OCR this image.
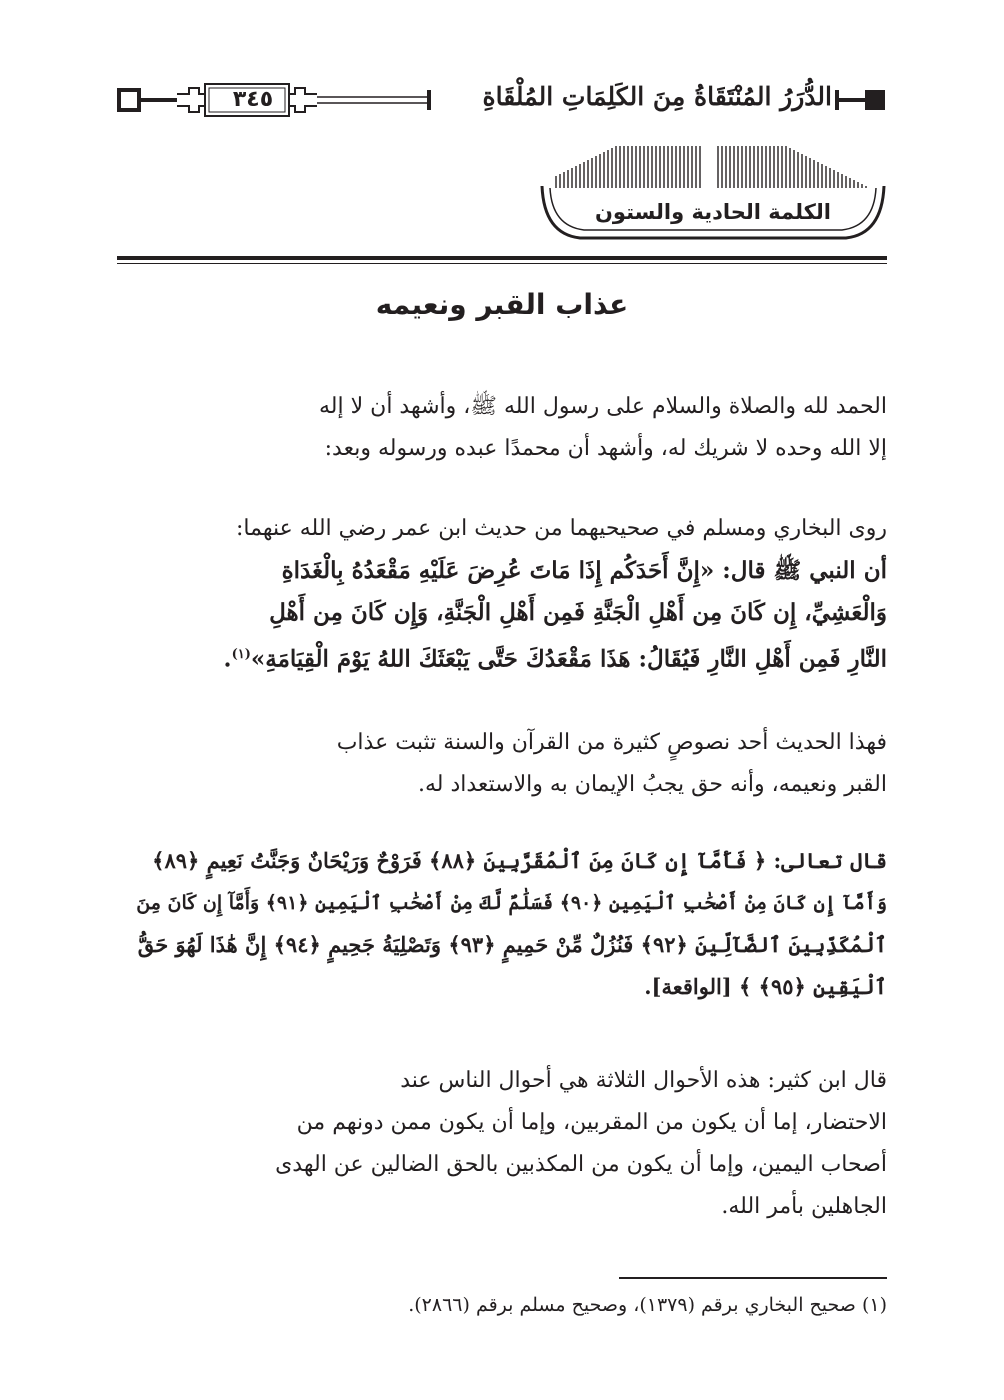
الدُّرَرُ المُنْتَقَاةُ مِنَ الكَلِمَاتِ المُلْقَاةِ
٣٤٥
الكلمة الحادية والستون
عذاب القبر ونعيمه
الحمد لله والصلاة والسلام على رسول الله ﷺ، وأشهد أن لا إله
إلا الله وحده لا شريك له، وأشهد أن محمدًا عبده ورسوله وبعد:
روى البخاري ومسلم في صحيحيهما من حديث ابن عمر رضي الله عنهما:
أن النبي ﷺ قال: «إِنَّ أَحَدَكُم إِذَا مَاتَ عُرِضَ عَلَيْهِ مَقْعَدُهُ بِالْغَدَاةِ
وَالْعَشِيِّ، إِن كَانَ مِن أَهْلِ الْجَنَّةِ فَمِن أَهْلِ الْجَنَّةِ، وَإِن كَانَ مِن أَهْلِ
النَّارِ فَمِن أَهْلِ النَّارِ فَيُقَالُ: هَذَا مَقْعَدُكَ حَتَّى يَبْعَثَكَ اللهُ يَوْمَ الْقِيَامَةِ»$^{(١)}$.
فهذا الحديث أحد نصوصٍ كثيرة من القرآن والسنة تثبت عذاب
القبر ونعيمه، وأنه حق يجبُ الإيمان به والاستعداد له.
قال تعالى: ﴿ فَأَمَّآ إِن كَانَ مِنَ ٱلْمُقَرَّبِينَ ﴿٨٨﴾ فَرَوْحٌ وَرَيْحَانٌ وَجَنَّتُ نَعِيمٍ ﴿٨٩﴾
وَأَمَّآ إِن كَانَ مِنْ أَصْحَٰبِ ٱلْيَمِينِ ﴿٩٠﴾ فَسَلَٰمٌ لَّكَ مِنْ أَصْحَٰبِ ٱلْيَمِينِ ﴿٩١﴾ وَأَمَّآ إِن كَانَ مِنَ
ٱلْمُكَذِّبِينَ ٱلضَّآلِّينَ ﴿٩٢﴾ فَنُزُلٌ مِّنْ حَمِيمٍ ﴿٩٣﴾ وَتَصْلِيَةُ جَحِيمٍ ﴿٩٤﴾ إِنَّ هَٰذَا لَهُوَ حَقُّ
ٱلْيَقِينِ ﴿٩٥﴾ ﴾ [الواقعة].
قال ابن كثير: هذه الأحوال الثلاثة هي أحوال الناس عند
الاحتضار، إما أن يكون من المقربين، وإما أن يكون ممن دونهم من
أصحاب اليمين، وإما أن يكون من المكذبين بالحق الضالين عن الهدى
الجاهلين بأمر الله.
(١) صحيح البخاري برقم (١٣٧٩)، وصحيح مسلم برقم (٢٨٦٦).
